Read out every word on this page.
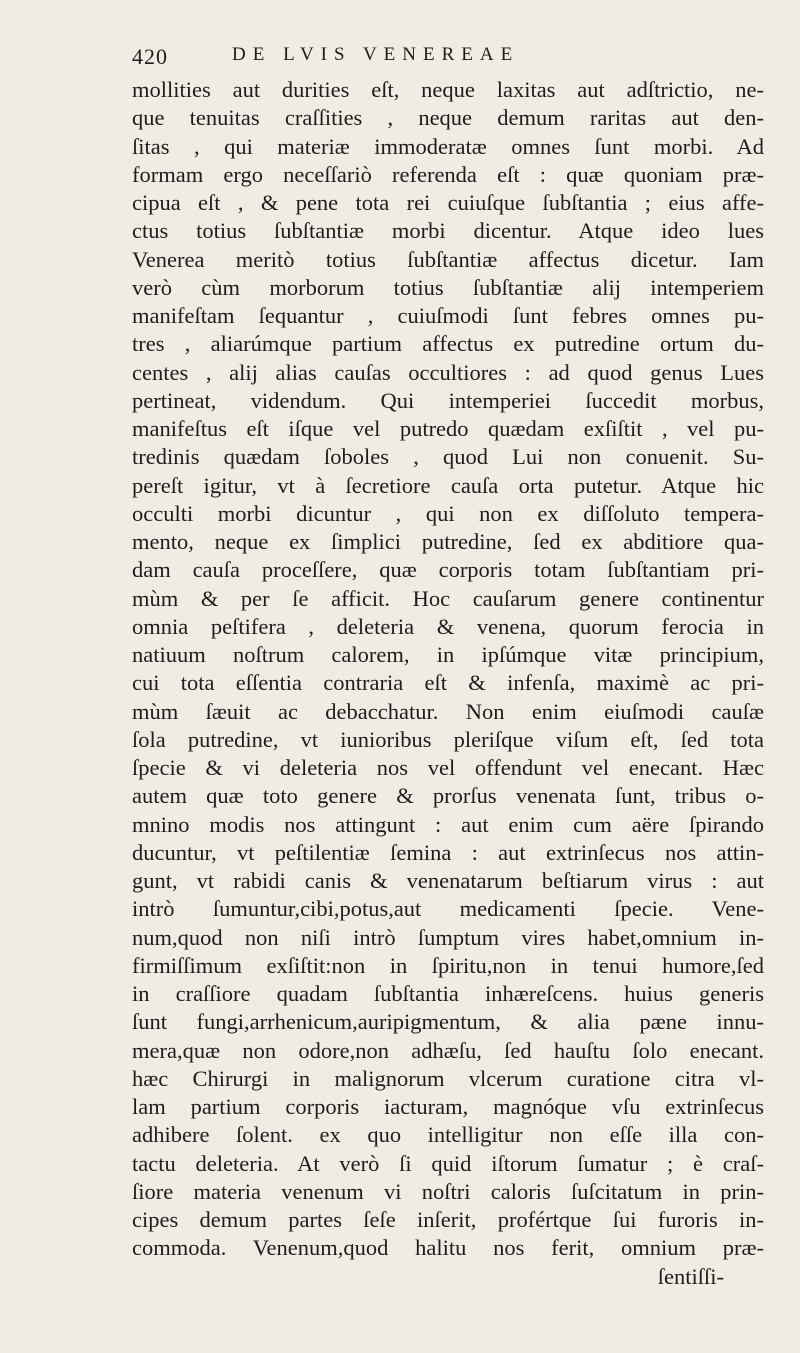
420	DE LVIS VENEREAE
mollities aut durities eſt, neque laxitas aut adſtrictio, ne-
que tenuitas craſſities , neque demum raritas aut den-
ſitas , qui materiæ immoderatæ omnes ſunt morbi. Ad
formam ergo neceſſariò referenda eſt : quæ quoniam præ-
cipua eſt , & pene tota rei cuiuſque ſubſtantia ; eius affe-
ctus totius ſubſtantiæ morbi dicentur. Atque ideo lues
Venerea meritò totius ſubſtantiæ affectus dicetur. Iam
verò cùm morborum totius ſubſtantiæ alij intemperiem
manifeſtam ſequantur , cuiuſmodi ſunt febres omnes pu-
tres , aliarúmque partium affectus ex putredine ortum du-
centes , alij alias cauſas occultiores : ad quod genus Lues
pertineat, videndum. Qui intemperiei ſuccedit morbus,
manifeſtus eſt iſque vel putredo quædam exſiſtit , vel pu-
tredinis quædam ſoboles , quod Lui non conuenit. Su-
pereſt igitur, vt à ſecretiore cauſa orta putetur. Atque hic
occulti morbi dicuntur , qui non ex diſſoluto tempera-
mento, neque ex ſimplici putredine, ſed ex abditiore qua-
dam cauſa proceſſere, quæ corporis totam ſubſtantiam pri-
mùm & per ſe afficit. Hoc cauſarum genere continentur
omnia peſtifera , deleteria & venena, quorum ferocia in
natiuum noſtrum calorem, in ipſúmque vitæ principium,
cui tota eſſentia contraria eſt & infenſa, maximè ac pri-
mùm ſæuit ac debacchatur. Non enim eiuſmodi cauſæ
ſola putredine, vt iunioribus pleriſque viſum eſt, ſed tota
ſpecie & vi deleteria nos vel offendunt vel enecant. Hæc
autem quæ toto genere & prorſus venenata ſunt, tribus o-
mnino modis nos attingunt : aut enim cum aëre ſpirando
ducuntur, vt peſtilentiæ ſemina : aut extrinſecus nos attin-
gunt, vt rabidi canis & venenatarum beſtiarum virus : aut
intrò ſumuntur,cibi,potus,aut medicamenti ſpecie. Vene-
num,quod non niſi intrò ſumptum vires habet,omnium in-
firmiſſimum exſiſtit:non in ſpiritu,non in tenui humore,ſed
in craſſiore quadam ſubſtantia inhæreſcens. huius generis
ſunt fungi,arrhenicum,auripigmentum, & alia pæne innu-
mera,quæ non odore,non adhæſu, ſed hauſtu ſolo enecant.
hæc Chirurgi in malignorum vlcerum curatione citra vl-
lam partium corporis iacturam, magnóque vſu extrinſecus
adhibere ſolent. ex quo intelligitur non eſſe illa con-
tactu deleteria. At verò ſi quid iſtorum ſumatur ; è craſ-
ſiore materia venenum vi noſtri caloris ſuſcitatum in prin-
cipes demum partes ſeſe inſerit, profértque ſui furoris in-
commoda. Venenum,quod halitu nos ferit, omnium præ-
ſentiſſi-
